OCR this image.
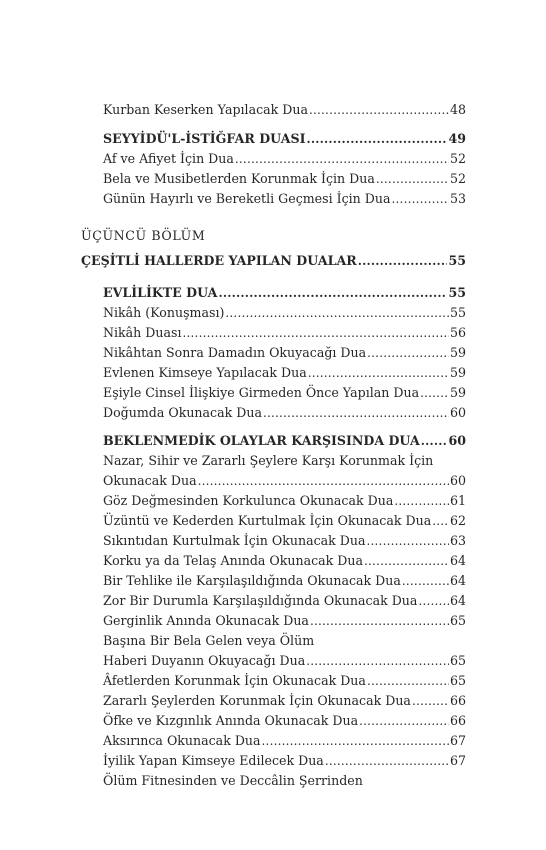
Kurban Keserken Yapılacak Dua .....	48
SEYYİDÜ'L-İSTİĞFAR DUASI .....	49
Af ve Afiyet İçin Dua .....	52
Bela ve Musibetlerden Korunmak İçin Dua .....	52
Günün Hayırlı ve Bereketli Geçmesi İçin Dua .....	53
ÜÇÜNCÜ BÖLÜM
ÇEŞİTLİ HALLERDE YAPILAN DUALAR .....	55
EVLİLİKTE DUA .....	55
Nikâh (Konuşması) .....	55
Nikâh Duası .....	56
Nikâhtan Sonra Damadın Okuyacağı Dua .....	59
Evlenen Kimseye Yapılacak Dua .....	59
Eşiyle Cinsel İlişkiye Girmeden Önce Yapılan Dua ..... 59
Doğumda Okunacak Dua .....	60
BEKLENMEDİK OLAYLAR KARŞISINDA DUA ..... 60
Nazar, Sihir ve Zararlı Şeylere Karşı Korunmak İçin
Okunacak Dua .....	60
Göz Değmesinden Korkulunca Okunacak Dua .....	61
Üzüntü ve Kederden Kurtulmak İçin Okunacak Dua ..... 62
Sıkıntıdan Kurtulmak İçin Okunacak Dua .....	63
Korku ya da Telaş Anında Okunacak Dua .....	64
Bir Tehlike ile Karşılaşıldığında Okunacak Dua .....	64
Zor Bir Durumla Karşılaşıldığında Okunacak Dua .....	64
Gerginlik Anında Okunacak Dua .....	65
Başına Bir Bela Gelen veya Ölüm
Haberi Duyanın Okuyacağı Dua .....	65
Âfetlerden Korunmak İçin Okunacak Dua .....	65
Zararlı Şeylerden Korunmak İçin Okunacak Dua .....	66
Öfke ve Kızgınlık Anında Okunacak Dua .....	66
Aksırınca Okunacak Dua .....	67
İyilik Yapan Kimseye Edilecek Dua .....	67
Ölüm Fitnesinden ve Deccâlin Şerrinden
